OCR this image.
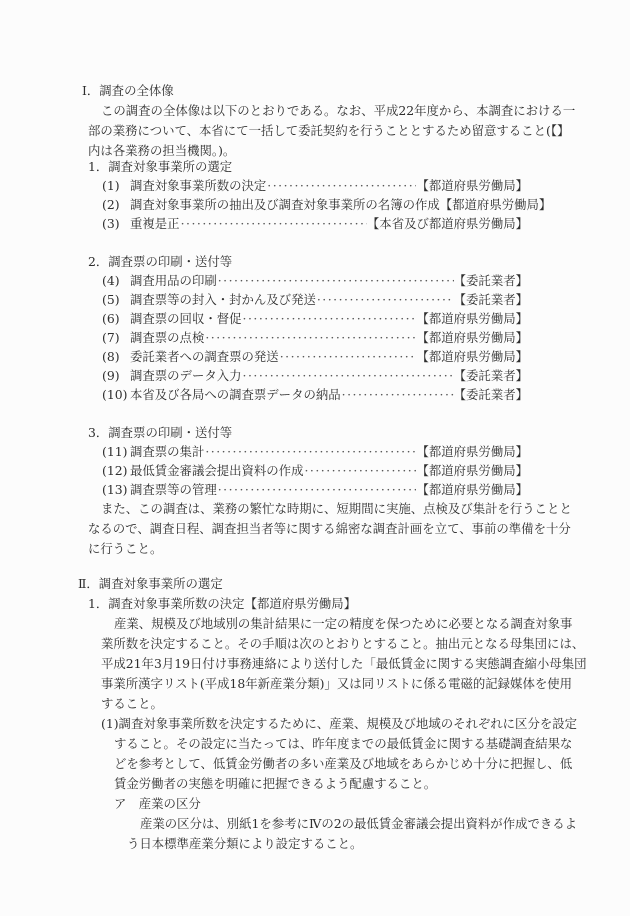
Ⅰ．調査の全体像
この調査の全体像は以下のとおりである。なお、平成22年度から、本調査における一
部の業務について、本省にて一括して委託契約を行うこととするため留意すること(【】
内は各業務の担当機関。)。
1．調査対象事業所の選定
(1) 調査対象事業所数の決定 ·····	【都道府県労働局】
(2) 調査対象事業所の抽出及び調査対象事業所の名簿の作成 【都道府県労働局】
(3) 重複是正 ·····	【本省及び都道府県労働局】
2．調査票の印刷・送付等
(4) 調査用品の印刷 ·····	【委託業者】
(5) 調査票等の封入・封かん及び発送 ·····	【委託業者】
(6) 調査票の回収・督促 ·····	【都道府県労働局】
(7) 調査票の点検 ·····	【都道府県労働局】
(8) 委託業者への調査票の発送 ·····	【都道府県労働局】
(9) 調査票のデータ入力 ·····	【委託業者】
(10) 本省及び各局への調査票データの納品 ·····	【委託業者】
3．調査票の印刷・送付等
(11) 調査票の集計 ·····	【都道府県労働局】
(12) 最低賃金審議会提出資料の作成 ·····	【都道府県労働局】
(13) 調査票等の管理 ·····	【都道府県労働局】
また、この調査は、業務の繁忙な時期に、短期間に実施、点検及び集計を行うことと
なるので、調査日程、調査担当者等に関する綿密な調査計画を立て、事前の準備を十分
に行うこと。
Ⅱ．調査対象事業所の選定
1．調査対象事業所数の決定【都道府県労働局】
産業、規模及び地域別の集計結果に一定の精度を保つために必要となる調査対象事
業所数を決定すること。その手順は次のとおりとすること。抽出元となる母集団には、
平成21年3月19日付け事務連絡により送付した「最低賃金に関する実態調査縮小母集団
事業所漢字リスト(平成18年新産業分類)」又は同リストに係る電磁的記録媒体を使用
すること。
(1)調査対象事業所数を決定するために、産業、規模及び地域のそれぞれに区分を設定
すること。その設定に当たっては、昨年度までの最低賃金に関する基礎調査結果な
どを参考として、低賃金労働者の多い産業及び地域をあらかじめ十分に把握し、低
賃金労働者の実態を明確に把握できるよう配慮すること。
ア　産業の区分
産業の区分は、別紙1を参考にⅣの2の最低賃金審議会提出資料が作成できるよ
う日本標準産業分類により設定すること。
